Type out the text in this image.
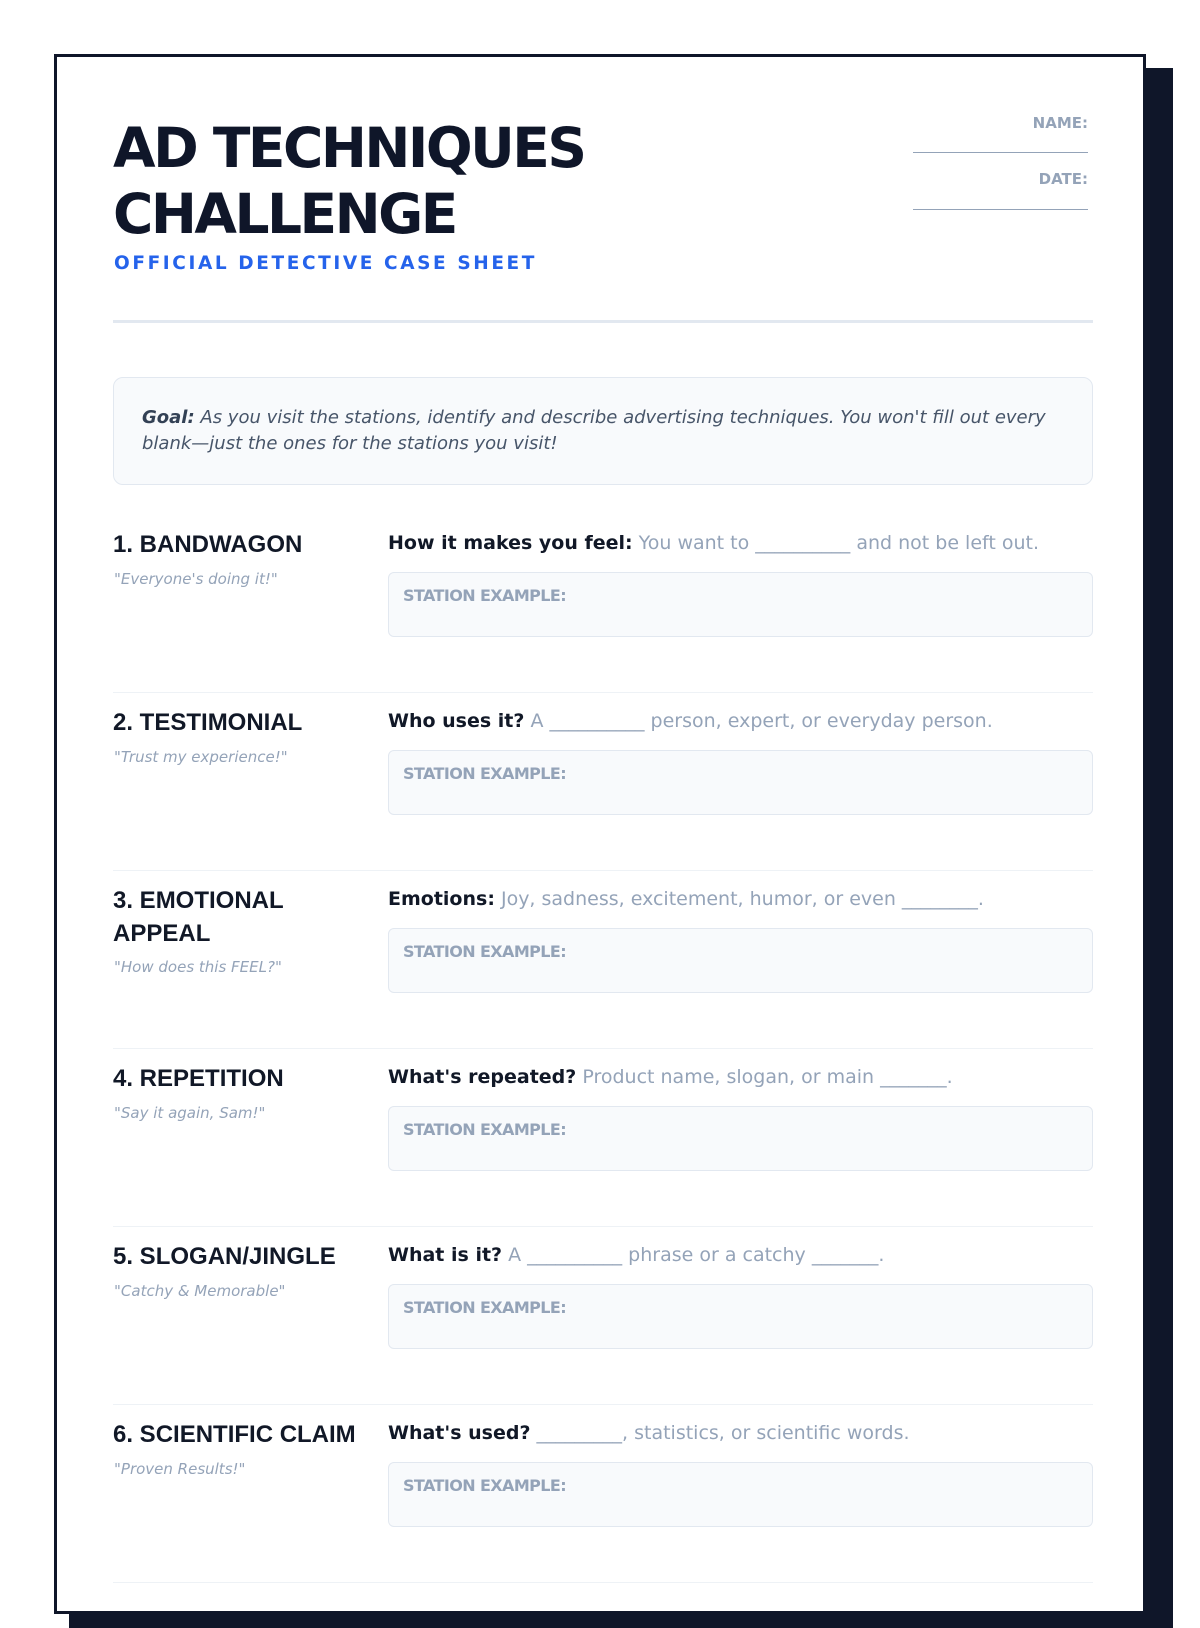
AD TECHNIQUES
CHALLENGE
OFFICIAL DETECTIVE CASE SHEET
NAME:
DATE:
Goal: As you visit the stations, identify and describe advertising techniques. You won't fill out every blank—just the ones for the stations you visit!
1. BANDWAGON
"Everyone's doing it!"
How it makes you feel: You want to __________ and not be left out.
STATION EXAMPLE:
2. TESTIMONIAL
"Trust my experience!"
Who uses it? A __________ person, expert, or everyday person.
STATION EXAMPLE:
3. EMOTIONAL APPEAL
"How does this FEEL?"
Emotions: Joy, sadness, excitement, humor, or even ________.
STATION EXAMPLE:
4. REPETITION
"Say it again, Sam!"
What's repeated? Product name, slogan, or main _______.
STATION EXAMPLE:
5. SLOGAN/JINGLE
"Catchy & Memorable"
What is it? A __________ phrase or a catchy _______.
STATION EXAMPLE:
6. SCIENTIFIC CLAIM
"Proven Results!"
What's used? _________, statistics, or scientific words.
STATION EXAMPLE:
